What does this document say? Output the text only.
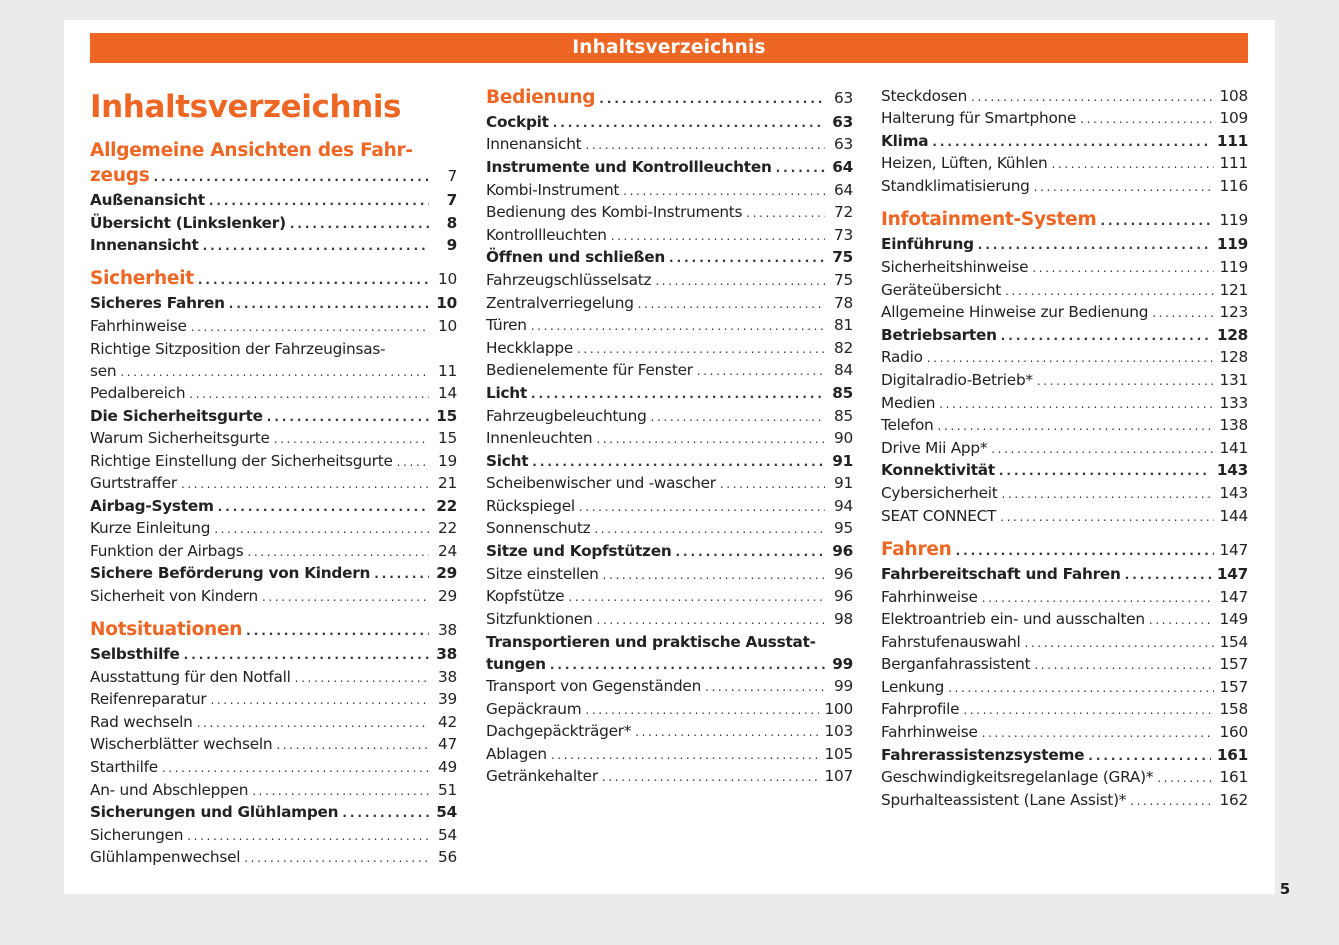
Inhaltsverzeichnis
Inhaltsverzeichnis
Allgemeine Ansichten des Fahr-
zeugs . . .	7
Außenansicht . . .	7
Übersicht (Linkslenker) . . .	8
Innenansicht . . .	9
Sicherheit . . .	10
Sicheres Fahren . . .	10
Fahrhinweise . . .	10
Richtige Sitzposition der Fahrzeuginsas-
sen . . .	11
Pedalbereich . . .	14
Die Sicherheitsgurte . . .	15
Warum Sicherheitsgurte . . .	15
Richtige Einstellung der Sicherheitsgurte . . .	19
Gurtstraffer . . .	21
Airbag-System . . .	22
Kurze Einleitung . . .	22
Funktion der Airbags . . .	24
Sichere Beförderung von Kindern . . .	29
Sicherheit von Kindern . . .	29
Notsituationen . . .	38
Selbsthilfe . . .	38
Ausstattung für den Notfall . . .	38
Reifenreparatur . . .	39
Rad wechseln . . .	42
Wischerblätter wechseln . . .	47
Starthilfe . . .	49
An- und Abschleppen . . .	51
Sicherungen und Glühlampen . . .	54
Sicherungen . . .	54
Glühlampenwechsel . . .	56
Bedienung . . .	63
Cockpit . . .	63
Innenansicht . . .	63
Instrumente und Kontrollleuchten . . .	64
Kombi-Instrument . . .	64
Bedienung des Kombi-Instruments . . .	72
Kontrollleuchten . . .	73
Öffnen und schließen . . .	75
Fahrzeugschlüsselsatz . . .	75
Zentralverriegelung . . .	78
Türen . . .	81
Heckklappe . . .	82
Bedienelemente für Fenster . . .	84
Licht . . .	85
Fahrzeugbeleuchtung . . .	85
Innenleuchten . . .	90
Sicht . . .	91
Scheibenwischer und -wascher . . .	91
Rückspiegel . . .	94
Sonnenschutz . . .	95
Sitze und Kopfstützen . . .	96
Sitze einstellen . . .	96
Kopfstütze . . .	96
Sitzfunktionen . . .	98
Transportieren und praktische Ausstat-
tungen . . .	99
Transport von Gegenständen . . .	99
Gepäckraum . . .	100
Dachgepäckträger* . . .	103
Ablagen . . .	105
Getränkehalter . . .	107
Steckdosen . . .	108
Halterung für Smartphone . . .	109
Klima . . .	111
Heizen, Lüften, Kühlen . . .	111
Standklimatisierung . . .	116
Infotainment-System . . .	119
Einführung . . .	119
Sicherheitshinweise . . .	119
Geräteübersicht . . .	121
Allgemeine Hinweise zur Bedienung . . .	123
Betriebsarten . . .	128
Radio . . .	128
Digitalradio-Betrieb* . . .	131
Medien . . .	133
Telefon . . .	138
Drive Mii App* . . .	141
Konnektivität . . .	143
Cybersicherheit . . .	143
SEAT CONNECT . . .	144
Fahren . . .	147
Fahrbereitschaft und Fahren . . .	147
Fahrhinweise . . .	147
Elektroantrieb ein- und ausschalten . . .	149
Fahrstufenauswahl . . .	154
Berganfahrassistent . . .	157
Lenkung . . .	157
Fahrprofile . . .	158
Fahrhinweise . . .	160
Fahrerassistenzsysteme . . .	161
Geschwindigkeitsregelanlage (GRA)* . . .	161
Spurhalteassistent (Lane Assist)* . . .	162
5
